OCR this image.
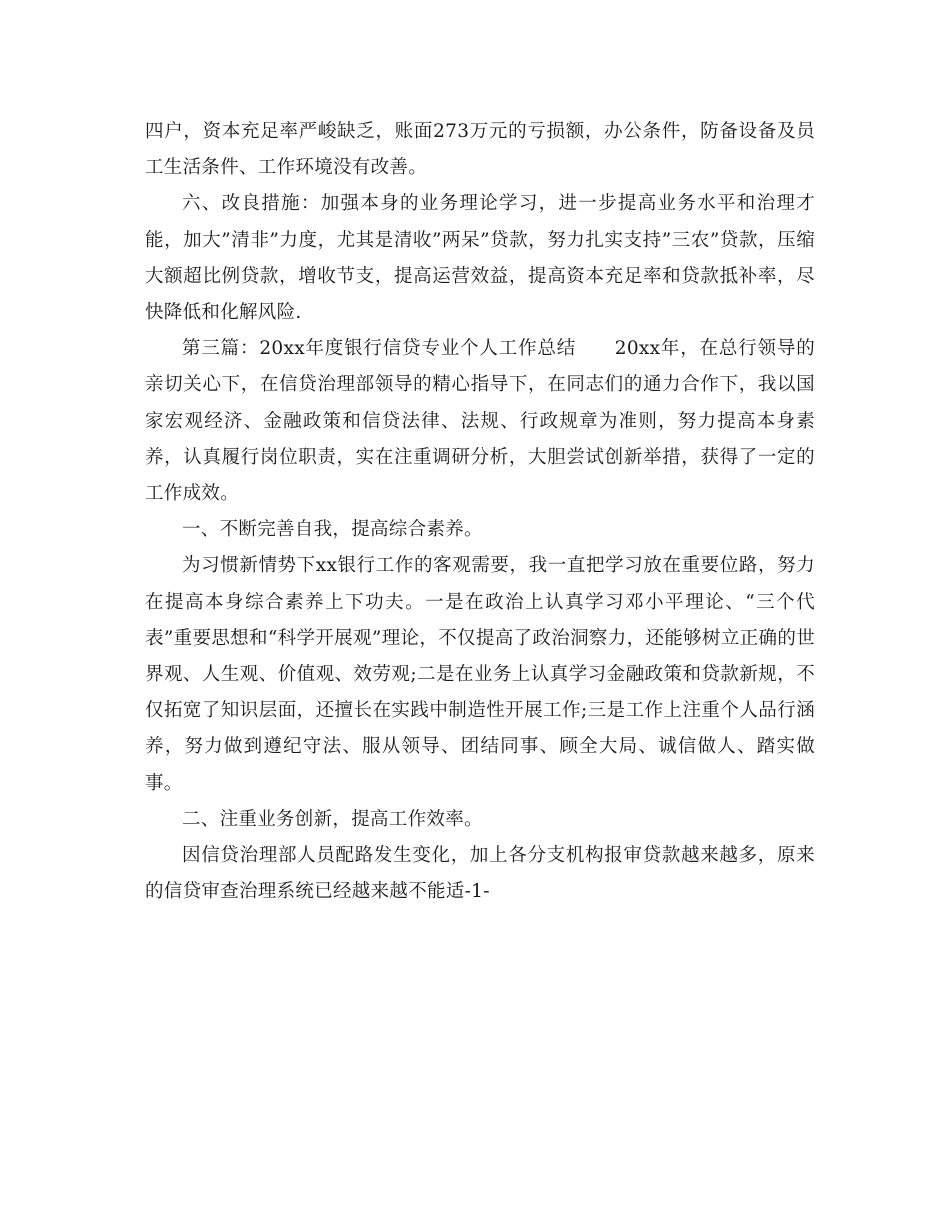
四户，资本充足率严峻缺乏，账面273万元的亏损额，办公条件，防备设备及员工生活条件、工作环境没有改善。

六、改良措施：加强本身的业务理论学习，进一步提高业务水平和治理才能，加大”清非”力度，尤其是清收”两呆”贷款，努力扎实支持”三农”贷款，压缩大额超比例贷款，增收节支，提高运营效益，提高资本充足率和贷款抵补率，尽快降低和化解风险.

第三篇：20xx年度银行信贷专业个人工作总结　　20xx年，在总行领导的亲切关心下，在信贷治理部领导的精心指导下，在同志们的通力合作下，我以国家宏观经济、金融政策和信贷法律、法规、行政规章为准则，努力提高本身素养，认真履行岗位职责，实在注重调研分析，大胆尝试创新举措，获得了一定的工作成效。

一、不断完善自我，提高综合素养。

为习惯新情势下xx银行工作的客观需要，我一直把学习放在重要位路，努力在提高本身综合素养上下功夫。一是在政治上认真学习邓小平理论、“三个代表”重要思想和“科学开展观”理论，不仅提高了政治洞察力，还能够树立正确的世界观、人生观、价值观、效劳观;二是在业务上认真学习金融政策和贷款新规，不仅拓宽了知识层面，还擅长在实践中制造性开展工作;三是工作上注重个人品行涵养，努力做到遵纪守法、服从领导、团结同事、顾全大局、诚信做人、踏实做事。

二、注重业务创新，提高工作效率。

因信贷治理部人员配路发生变化，加上各分支机构报审贷款越来越多，原来的信贷审查治理系统已经越来越不能适-1-
